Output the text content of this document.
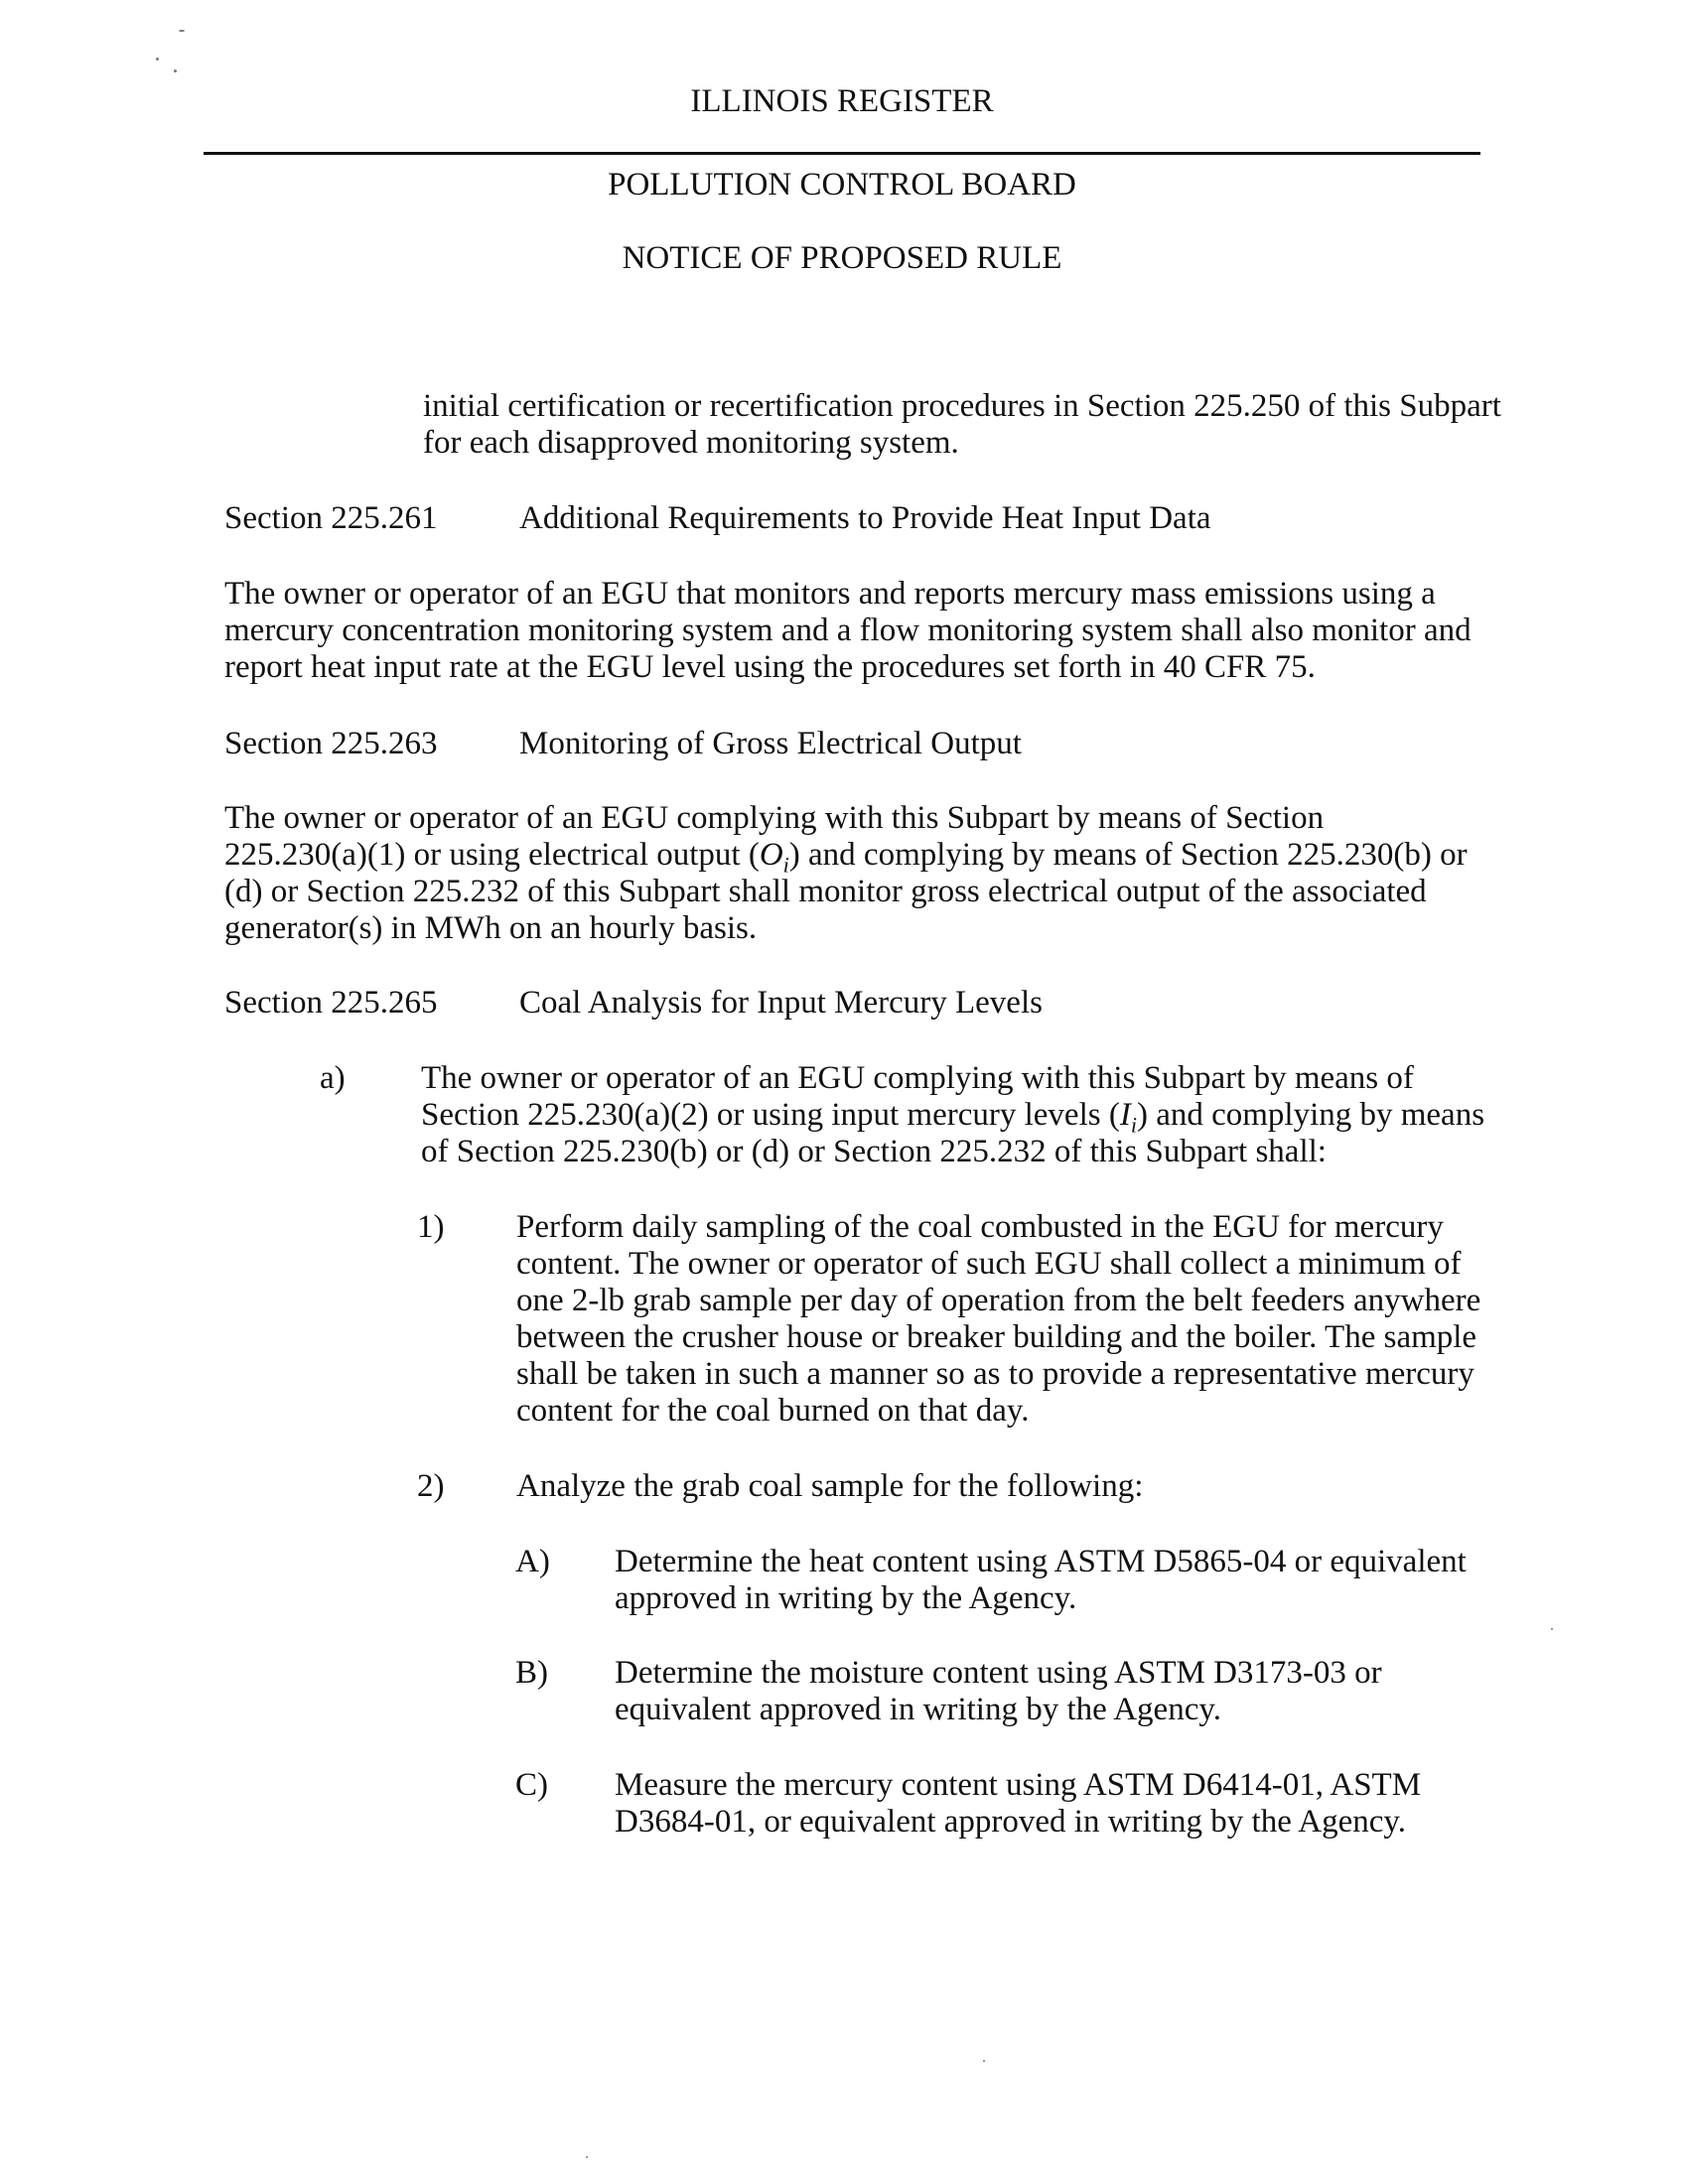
ILLINOIS REGISTER

POLLUTION CONTROL BOARD

NOTICE OF PROPOSED RULE

initial certification or recertification procedures in Section 225.250 of this Subpart

for each disapproved monitoring system.

Section 225.261	Additional Requirements to Provide Heat Input Data

The owner or operator of an EGU that monitors and reports mercury mass emissions using a

mercury concentration monitoring system and a flow monitoring system shall also monitor and

report heat input rate at the EGU level using the procedures set forth in 40 CFR 75.

Section 225.263	Monitoring of Gross Electrical Output

The owner or operator of an EGU complying with this Subpart by means of Section

225.230(a)(1) or using electrical output $(O_i)$ and complying by means of Section 225.230(b) or

(d) or Section 225.232 of this Subpart shall monitor gross electrical output of the associated

generator(s) in MWh on an hourly basis.

Section 225.265	Coal Analysis for Input Mercury Levels

a) The owner or operator of an EGU complying with this Subpart by means of

Section 225.230(a)(2) or using input mercury levels $(I_i)$ and complying by means

of Section 225.230(b) or (d) or Section 225.232 of this Subpart shall:

1) Perform daily sampling of the coal combusted in the EGU for mercury

content. The owner or operator of such EGU shall collect a minimum of

one 2-lb grab sample per day of operation from the belt feeders anywhere

between the crusher house or breaker building and the boiler. The sample

shall be taken in such a manner so as to provide a representative mercury

content for the coal burned on that day.

2) Analyze the grab coal sample for the following:

A) Determine the heat content using ASTM D5865-04 or equivalent

approved in writing by the Agency.

B) Determine the moisture content using ASTM D3173-03 or

equivalent approved in writing by the Agency.

C) Measure the mercury content using ASTM D6414-01, ASTM

D3684-01, or equivalent approved in writing by the Agency.
